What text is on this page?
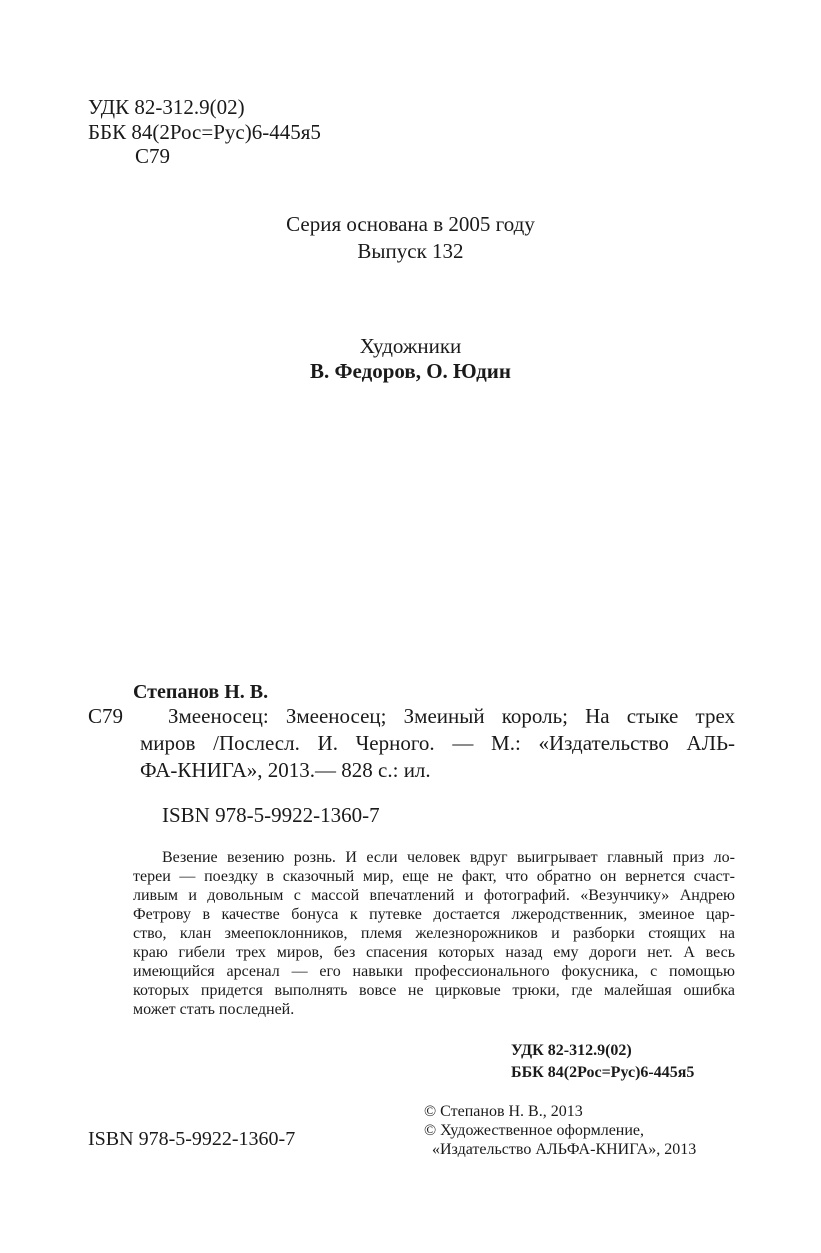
УДК 82-312.9(02)
ББК 84(2Рос=Рус)6-445я5
С79
Серия основана в 2005 году
Выпуск 132
Художники
В. Федоров, О. Юдин
Степанов Н. В.
С79 Змееносец: Змееносец; Змеиный король; На стыке трех
миров /Послесл. И. Черного. — М.: «Издательство АЛЬ-
ФА-КНИГА», 2013.— 828 с.: ил.
ISBN 978-5-9922-1360-7
Везение везению рознь. И если человек вдруг выигрывает главный приз ло-
тереи — поездку в сказочный мир, еще не факт, что обратно он вернется счаст-
ливым и довольным с массой впечатлений и фотографий. «Везунчику» Андрею
Фетрову в качестве бонуса к путевке достается лжеродственник, змеиное цар-
ство, клан змеепоклонников, племя железнорожников и разборки стоящих на
краю гибели трех миров, без спасения которых назад ему дороги нет. А весь
имеющийся арсенал — его навыки профессионального фокусника, с помощью
которых придется выполнять вовсе не цирковые трюки, где малейшая ошибка
может стать последней.
УДК 82-312.9(02)
ББК 84(2Рос=Рус)6-445я5
ISBN 978-5-9922-1360-7
© Степанов Н. В., 2013
© Художественное оформление,
«Издательство АЛЬФА-КНИГА», 2013
